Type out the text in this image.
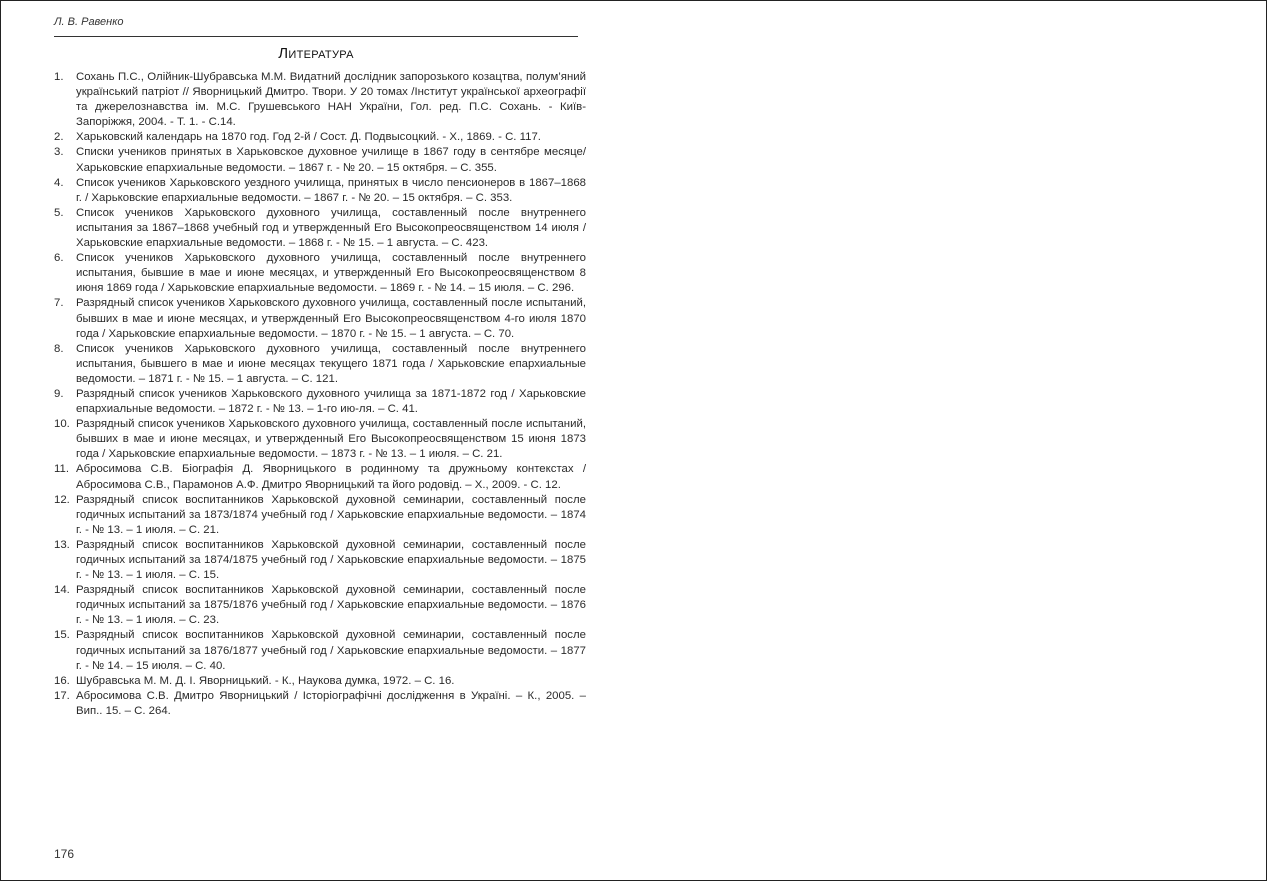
Л. В. Равенко
Литература
1.	Сохань П.С., Олійник-Шубравська М.М. Видатний дослідник запорозького козацтва, полум’яний український патріот // Яворницький Дмитро. Твори. У 20 томах /Інститут української археографії та джерелознавства ім. М.С. Грушевського НАН України, Гол. ред. П.С. Сохань. - Київ-Запоріжжя, 2004. - Т. 1. - С.14.
2.	Харьковский календарь на 1870 год. Год 2-й / Сост. Д. Подвысоцкий. - Х., 1869. - С. 117.
3.	Списки учеников принятых в Харьковское духовное училище в 1867 году в сентябре месяце/ Харьковские епархиальные ведомости. – 1867 г. - № 20. – 15 октября. – С. 355.
4.	Список учеников Харьковского уездного училища, принятых в число пенсионеров в 1867–1868 г. / Харьковские епархиальные ведомости. – 1867 г. - № 20. – 15 октября. – С. 353.
5.	Список учеников Харьковского духовного училища, составленный после внутреннего испытания за 1867–1868 учебный год и утвержденный Его Высокопреосвященством 14 июля / Харьковские епархиальные ведомости. – 1868 г. - № 15. – 1 августа. – С. 423.
6.	Список учеников Харьковского духовного училища, составленный после внутреннего испытания, бывшие в мае и июне месяцах, и утвержденный Его Высокопреосвященством 8 июня 1869 года / Харьковские епархиальные ведомости. – 1869 г. - № 14. – 15 июля. – С. 296.
7.	Разрядный список учеников Харьковского духовного училища, составленный после испытаний, бывших в мае и июне месяцах, и утвержденный Его Высокопреосвященством 4-го июля 1870 года / Харьковские епархиальные ведомости. – 1870 г. - № 15. – 1 августа. – С. 70.
8.	Список учеников Харьковского духовного училища, составленный после внутреннего испытания, бывшего в мае и июне месяцах текущего 1871 года / Харьковские епархиальные ведомости. – 1871 г. - № 15. – 1 августа. – С. 121.
9.	Разрядный список учеников Харьковского духовного училища за 1871-1872 год / Харьковские епархиальные ведомости. – 1872 г. - № 13. – 1-го ию-ля. – С. 41.
10. Разрядный список учеников Харьковского духовного училища, составленный после испытаний, бывших в мае и июне месяцах, и утвержденный Его Высокопреосвященством 15 июня 1873 года / Харьковские епархиальные ведомости. – 1873 г. - № 13. – 1 июля. – С. 21.
11. Абросимова С.В. Біографія Д. Яворницького в родинному та дружньому контекстах / Абросимова С.В., Парамонов А.Ф. Дмитро Яворницький та його родовід. – Х., 2009. - С. 12.
12. Разрядный список воспитанников Харьковской духовной семинарии, составленный после годичных испытаний за 1873/1874 учебный год / Харьковские епархиальные ведомости. – 1874 г. - № 13. – 1 июля. – С. 21.
13. Разрядный список воспитанников Харьковской духовной семинарии, составленный после годичных испытаний за 1874/1875 учебный год / Харьковские епархиальные ведомости. – 1875 г. - № 13. – 1 июля. – С. 15.
14. Разрядный список воспитанников Харьковской духовной семинарии, составленный после годичных испытаний за 1875/1876 учебный год / Харьковские епархиальные ведомости. – 1876 г. - № 13. – 1 июля. – С. 23.
15. Разрядный список воспитанников Харьковской духовной семинарии, составленный после годичных испытаний за 1876/1877 учебный год / Харьковские епархиальные ведомости. – 1877 г. - № 14. – 15 июля. – С. 40.
16. Шубравська М. М. Д. І. Яворницький. - К., Наукова думка, 1972. – С. 16.
17. Абросимова С.В. Дмитро Яворницький / Історіографічні дослідження в Україні. – К., 2005. – Вип.. 15. – С. 264.
176
